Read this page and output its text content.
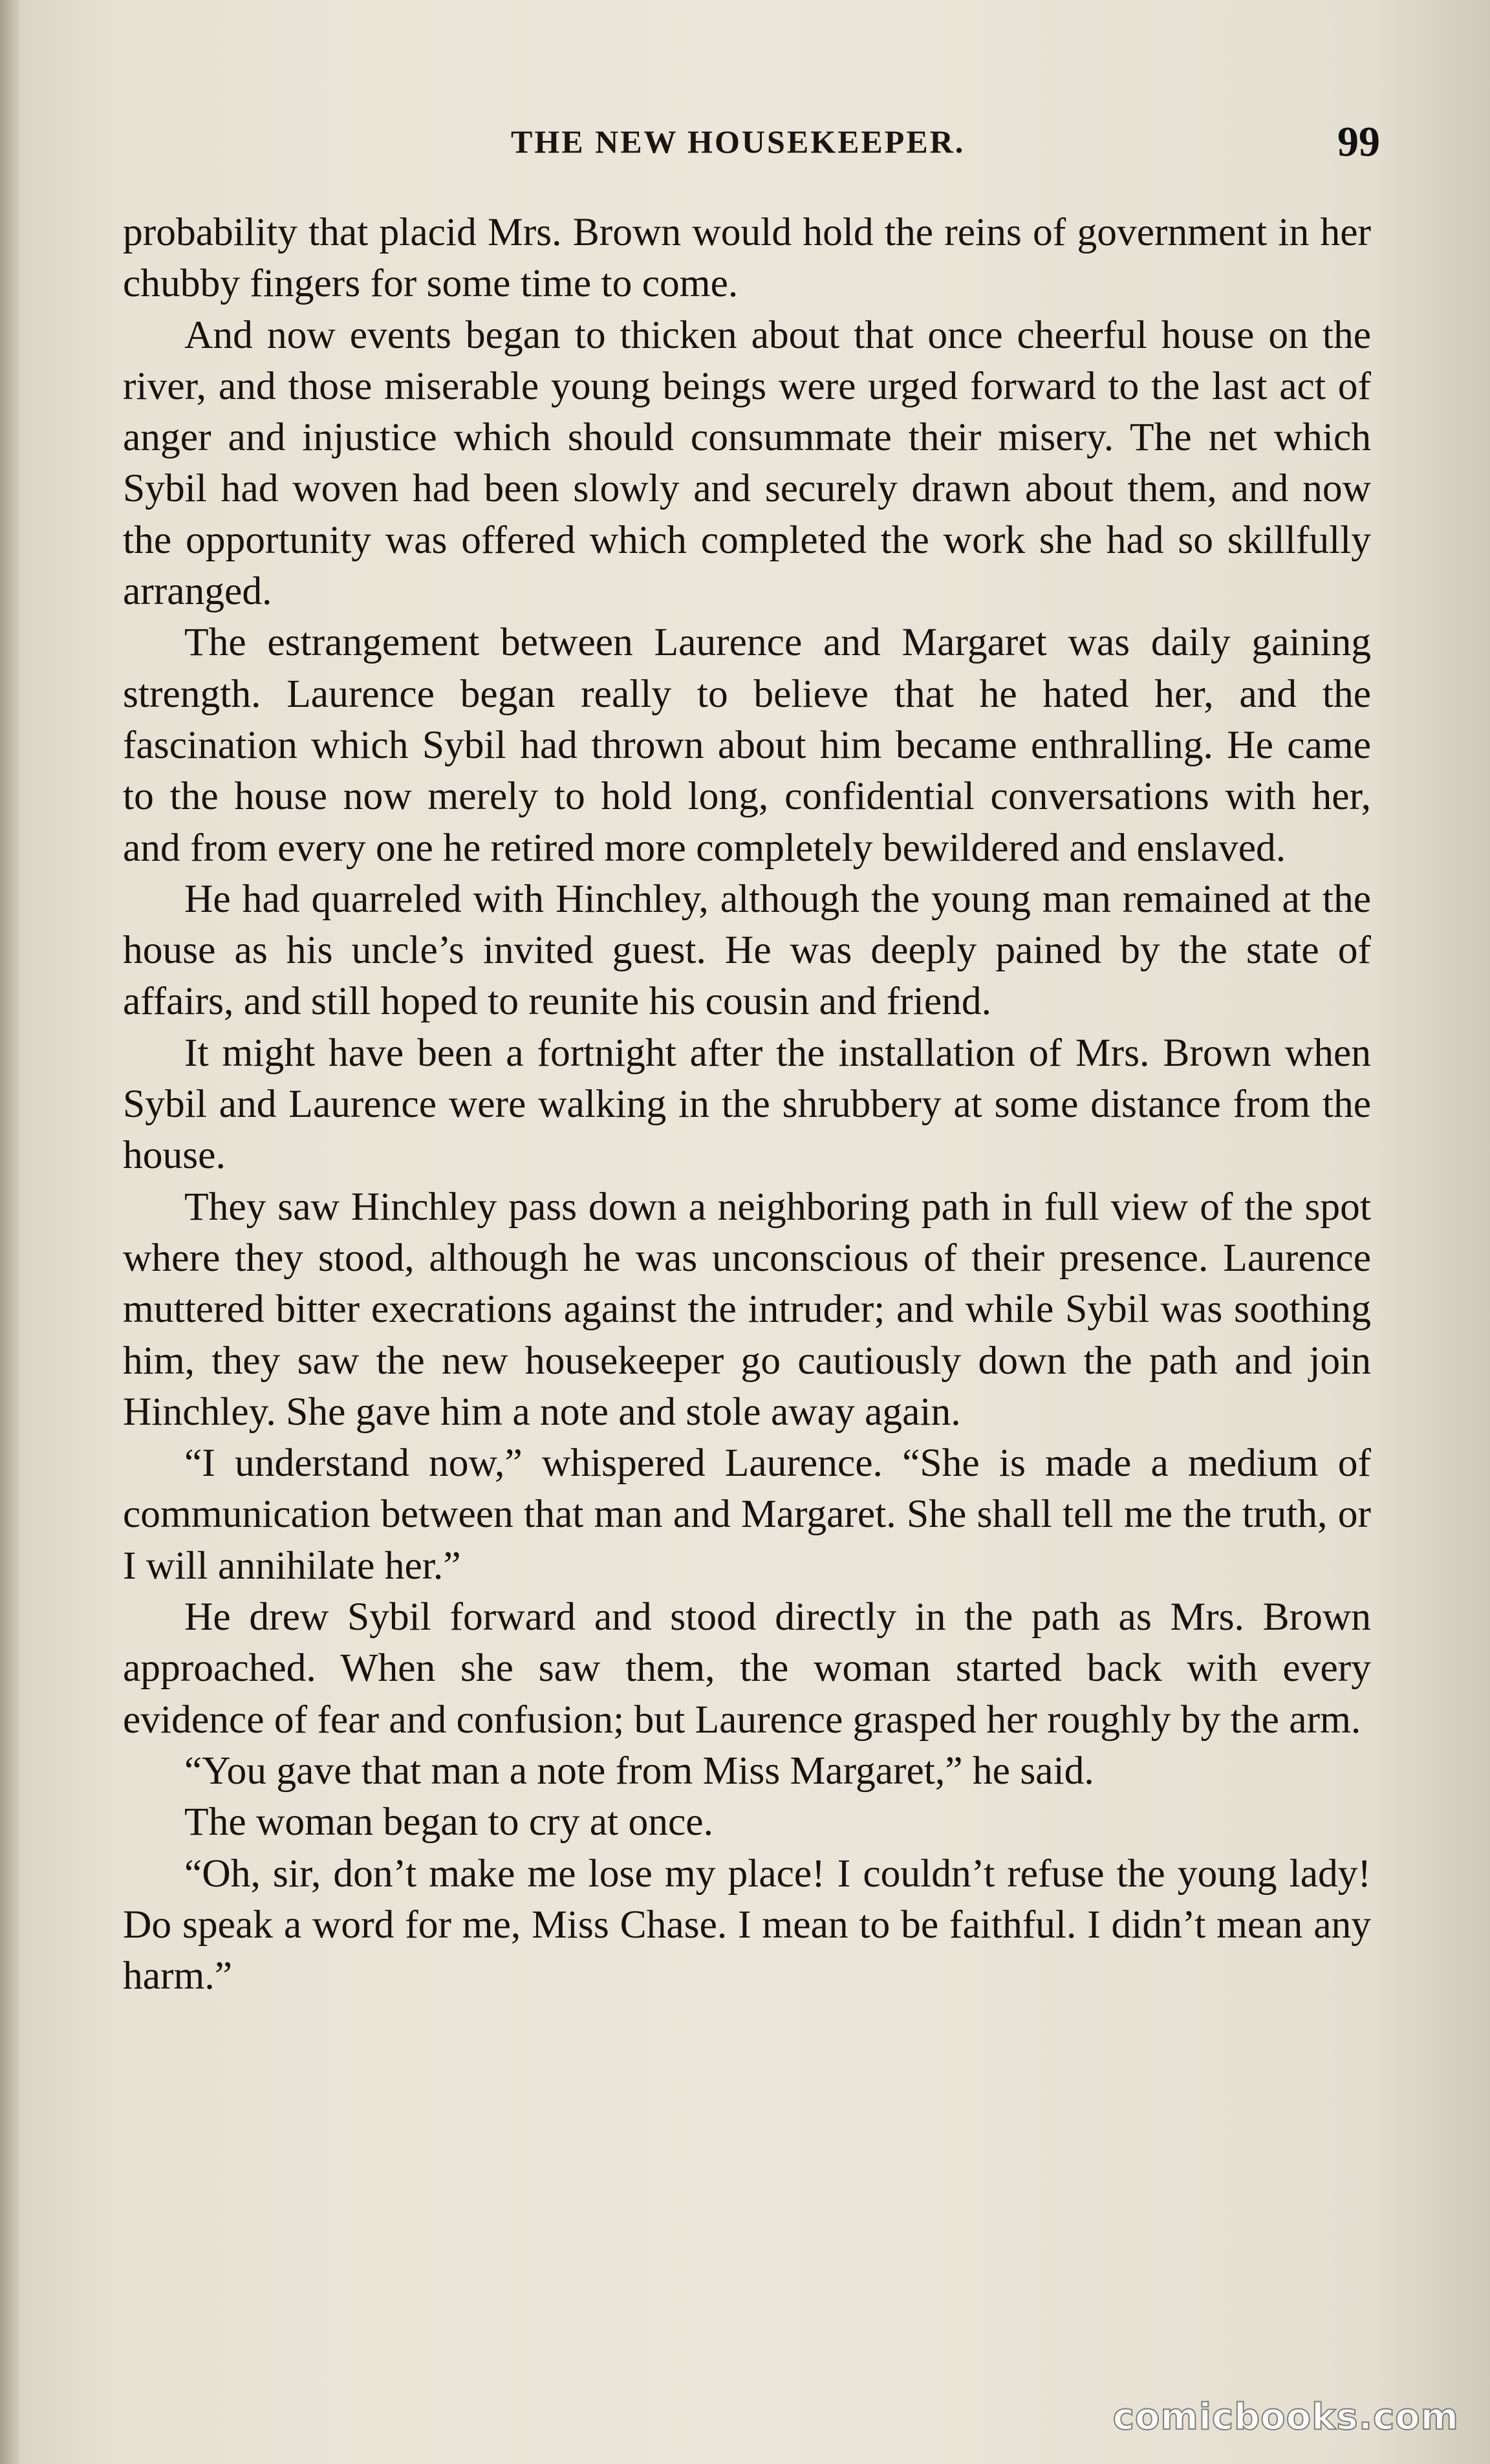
THE NEW HOUSEKEEPER.	99

probability that placid Mrs. Brown would hold the reins of government in her chubby fingers for some time to come.

And now events began to thicken about that once cheerful house on the river, and those miserable young beings were urged forward to the last act of anger and injustice which should consummate their misery. The net which Sybil had woven had been slowly and securely drawn about them, and now the opportunity was offered which completed the work she had so skillfully arranged.

The estrangement between Laurence and Margaret was daily gaining strength. Laurence began really to believe that he hated her, and the fascination which Sybil had thrown about him became enthralling. He came to the house now merely to hold long, confidential conversations with her, and from every one he retired more completely bewildered and enslaved.

He had quarreled with Hinchley, although the young man remained at the house as his uncle’s invited guest. He was deeply pained by the state of affairs, and still hoped to reunite his cousin and friend.

It might have been a fortnight after the installation of Mrs. Brown when Sybil and Laurence were walking in the shrubbery at some distance from the house.

They saw Hinchley pass down a neighboring path in full view of the spot where they stood, although he was unconscious of their presence. Laurence muttered bitter execrations against the intruder; and while Sybil was soothing him, they saw the new housekeeper go cautiously down the path and join Hinchley. She gave him a note and stole away again.

“I understand now,” whispered Laurence. “She is made a medium of communication between that man and Margaret. She shall tell me the truth, or I will annihilate her.”

He drew Sybil forward and stood directly in the path as Mrs. Brown approached. When she saw them, the woman started back with every evidence of fear and confusion; but Laurence grasped her roughly by the arm.

“You gave that man a note from Miss Margaret,” he said.

The woman began to cry at once.

“Oh, sir, don’t make me lose my place! I couldn’t refuse the young lady! Do speak a word for me, Miss Chase. I mean to be faithful. I didn’t mean any harm.”

comicbooks.com
